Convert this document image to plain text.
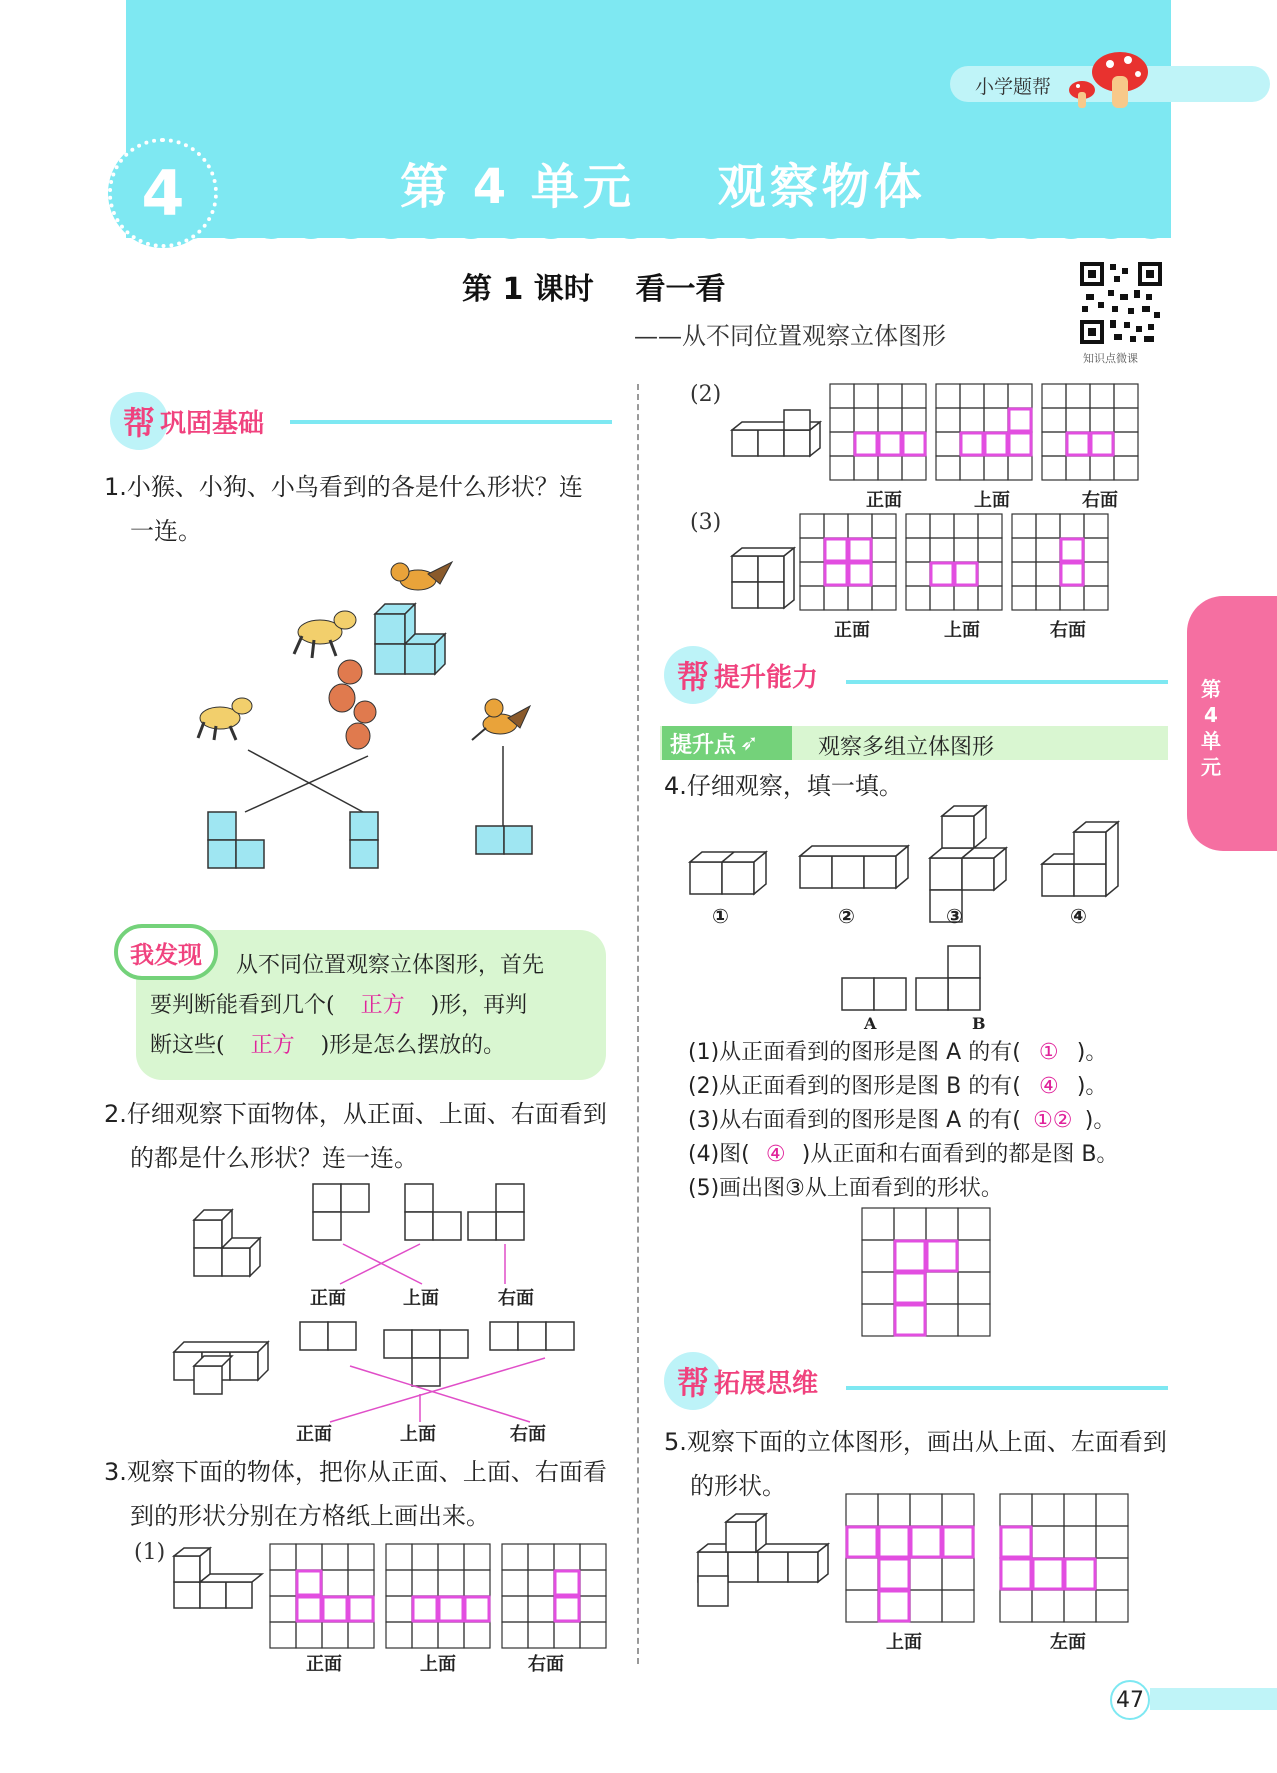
4	第 4 单元    观察物体
小学题帮
第 1 课时    看一看
——从不同位置观察立体图形
知识点微课
第4单元
帮 巩固基础
1.小猴、小狗、小鸟看到的各是什么形状？连
一连。
我发现	从不同位置观察立体图形，首先
要判断能看到几个( 正方 )形，再判
断这些( 正方 )形是怎么摆放的。
2.仔细观察下面物体，从正面、上面、右面看到
的都是什么形状？连一连。
正面	上面	右面
正面	上面	右面
3.观察下面的物体，把你从正面、上面、右面看
到的形状分别在方格纸上画出来。
(1)
正面	上面	右面
(2)
正面	上面	右面
(3)
正面	上面	右面
帮 提升能力
提升点 ➶	观察多组立体图形
4.仔细观察，填一填。
①	②	③	④
A	B
(1)从正面看到的图形是图 A 的有( ① )。
(2)从正面看到的图形是图 B 的有( ④ )。
(3)从右面看到的图形是图 A 的有( ①② )。
(4)图( ④ )从正面和右面看到的都是图 B。
(5)画出图③从上面看到的形状。
帮 拓展思维
5.观察下面的立体图形，画出从上面、左面看到
的形状。
上面	左面
47
